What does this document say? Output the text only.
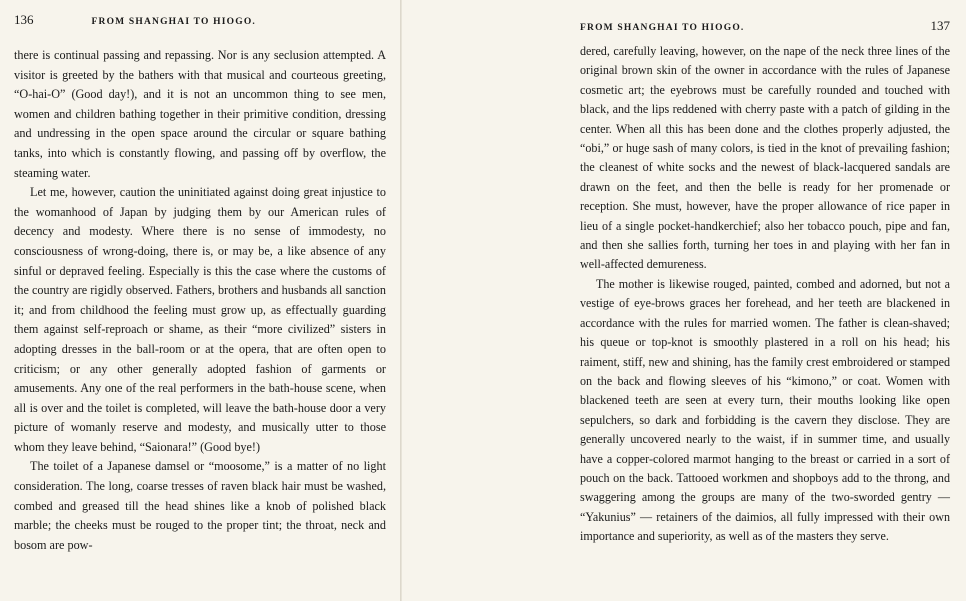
136	FROM SHANGHAI TO HIOGO.

there is continual passing and repassing. Nor is any seclusion attempted. A visitor is greeted by the bathers with that musical and courteous greeting, “O-hai-O” (Good day!), and it is not an uncommon thing to see men, women and children bathing together in their primitive condition, dressing and undressing in the open space around the circular or square bathing tanks, into which is constantly flowing, and passing off by overflow, the steaming water.

Let me, however, caution the uninitiated against doing great injustice to the womanhood of Japan by judging them by our American rules of decency and modesty. Where there is no sense of immodesty, no consciousness of wrong-doing, there is, or may be, a like absence of any sinful or depraved feeling. Especially is this the case where the customs of the country are rigidly observed. Fathers, brothers and husbands all sanction it; and from childhood the feeling must grow up, as effectually guarding them against self-reproach or shame, as their “more civilized” sisters in adopting dresses in the ball-room or at the opera, that are often open to criticism; or any other generally adopted fashion of garments or amusements. Any one of the real performers in the bath-house scene, when all is over and the toilet is completed, will leave the bath-house door a very picture of womanly reserve and modesty, and musically utter to those whom they leave behind, “Saionara!” (Good bye!)

The toilet of a Japanese damsel or “moosome,” is a matter of no light consideration. The long, coarse tresses of raven black hair must be washed, combed and greased till the head shines like a knob of polished black marble; the cheeks must be rouged to the proper tint; the throat, neck and bosom are pow-

FROM SHANGHAI TO HIOGO.	137

dered, carefully leaving, however, on the nape of the neck three lines of the original brown skin of the owner in accordance with the rules of Japanese cosmetic art; the eyebrows must be carefully rounded and touched with black, and the lips reddened with cherry paste with a patch of gilding in the center. When all this has been done and the clothes properly adjusted, the “obi,” or huge sash of many colors, is tied in the knot of prevailing fashion; the cleanest of white socks and the newest of black-lacquered sandals are drawn on the feet, and then the belle is ready for her promenade or reception. She must, however, have the proper allowance of rice paper in lieu of a single pocket-handkerchief; also her tobacco pouch, pipe and fan, and then she sallies forth, turning her toes in and playing with her fan in well-affected demureness.

The mother is likewise rouged, painted, combed and adorned, but not a vestige of eye-brows graces her forehead, and her teeth are blackened in accordance with the rules for married women. The father is clean-shaved; his queue or top-knot is smoothly plastered in a roll on his head; his raiment, stiff, new and shining, has the family crest embroidered or stamped on the back and flowing sleeves of his “kimono,” or coat. Women with blackened teeth are seen at every turn, their mouths looking like open sepulchers, so dark and forbidding is the cavern they disclose. They are generally uncovered nearly to the waist, if in summer time, and usually have a copper-colored marmot hanging to the breast or carried in a sort of pouch on the back. Tattooed workmen and shopboys add to the throng, and swaggering among the groups are many of the two-sworded gentry — “Yakunius” — retainers of the daimios, all fully impressed with their own importance and superiority, as well as of the masters they serve.
